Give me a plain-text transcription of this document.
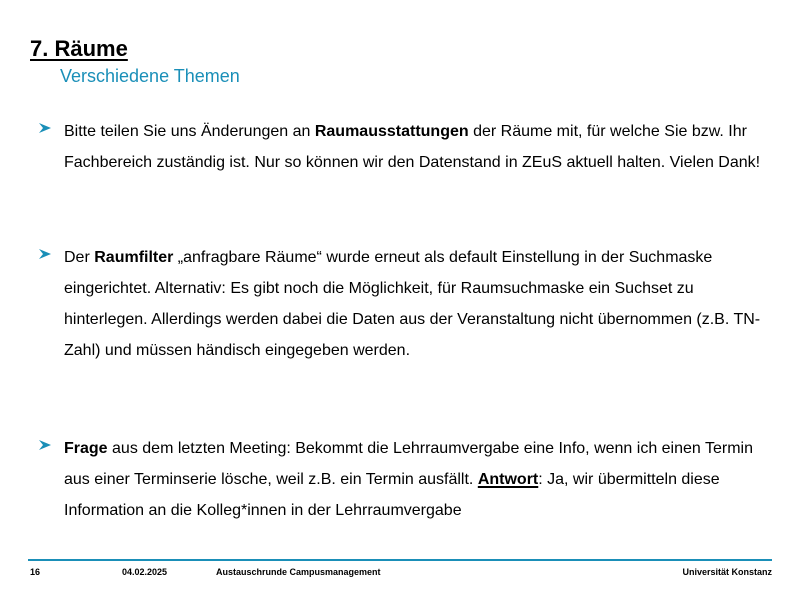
7. Räume
Verschiedene Themen
Bitte teilen Sie uns Änderungen an Raumausstattungen der Räume mit, für welche Sie bzw. Ihr Fachbereich zuständig ist. Nur so können wir den Datenstand in ZEuS aktuell halten. Vielen Dank!
Der Raumfilter „anfragbare Räume“ wurde erneut als default Einstellung in der Suchmaske eingerichtet. Alternativ: Es gibt noch die Möglichkeit, für Raumsuchmaske ein Suchset zu hinterlegen. Allerdings werden dabei die Daten aus der Veranstaltung nicht übernommen (z.B. TN-Zahl) und müssen händisch eingegeben werden.
Frage aus dem letzten Meeting: Bekommt die Lehrraumvergabe eine Info, wenn ich einen Termin aus einer Terminserie lösche, weil z.B. ein Termin ausfällt. Antwort: Ja, wir übermitteln diese Information an die Kolleg*innen in der Lehrraumvergabe
16	04.02.2025	Austauschrunde Campusmanagement	Universität Konstanz
